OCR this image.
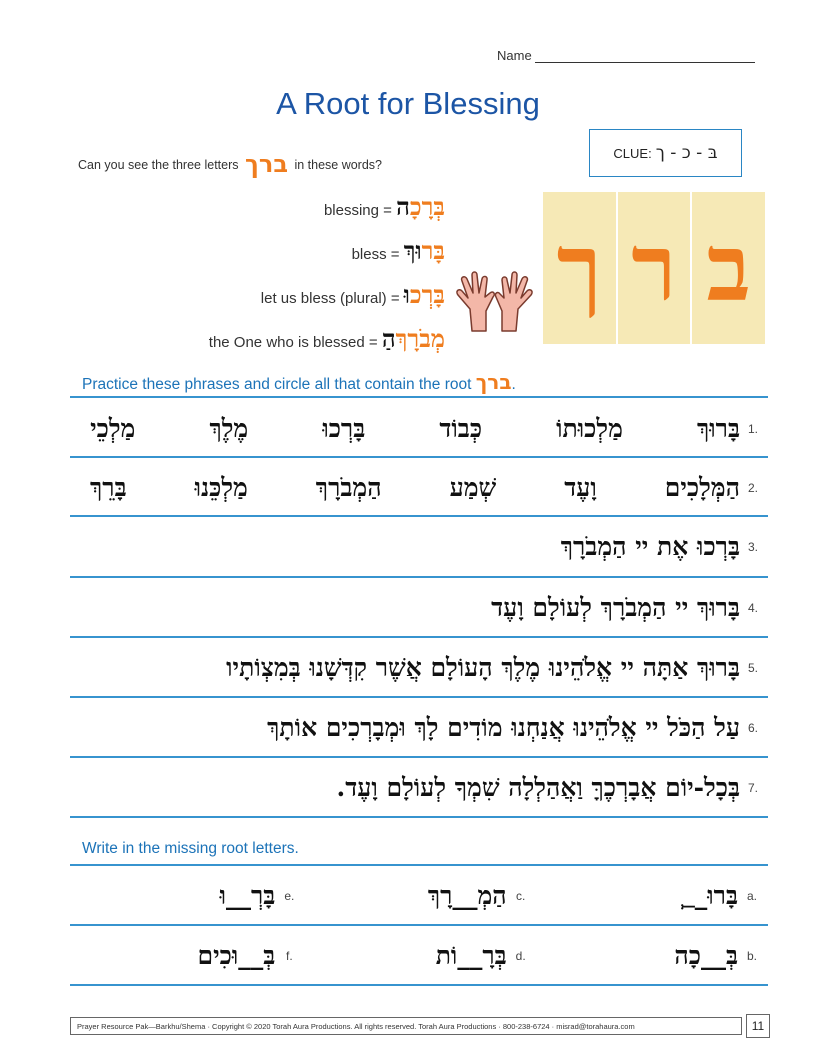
Name
A Root for Blessing
CLUE: בּ - כ - ך
Can you see the three letters ברך in these words?
blessing = בְּרָכָה
bless = בָּרוּךְ
let us bless (plural) = בָּרְכוּ
the One who is blessed = מְבֹרָךְהַ
ך ר ב
Practice these phrases and circle all that contain the root ברך.
1.
בָּרוּךְ
מַלְכוּתוֹ
כְּבוֹד
בָּרְכוּ
מֶלֶךְ
מַלְכֵי
2.
הַמְּלָכִים
וָעֶד
שְׁמַע
הַמְבֹרָךְ
מַלְכֵּנוּ
בָּרֵךְ
3.
בָּרְכוּ אֶת יי הַמְבֹרָךְ
4.
בָּרוּךְ יי הַמְבֹרָךְ לְעוֹלָם וָעֶד
5.
בָּרוּךְ אַתָּה יי אֱלֹהֵינוּ מֶלֶךְ הָעוֹלָם אֲשֶׁר קִדְּשָׁנוּ בְּמִצְוֹתָיו
6.
עַל הַכֹּל יי אֱלֹהֵינוּ אֲנַחְנוּ מוֹדִים לָךְ וּמְבָרְכִים אוֹתָךְ
7.
בְּכָל-יוֹם אֲבָרְכֶךָּ וַאֲהַלְלָה שִׁמְךָ לְעוֹלָם וָעֶד.
Write in the missing root letters.
a.
בָּרוּ__ְ
c.
הַמְ__רָךְ
e.
בָּרְ__וּ
b.
בְּ__כָה
d.
בְּרָ__וֹת
f.
בְּ__וּכִים
Prayer Resource Pak—Barkhu/Shema · Copyright © 2020 Torah Aura Productions. All rights reserved. Torah Aura Productions · 800-238-6724 · misrad@torahaura.com	11
